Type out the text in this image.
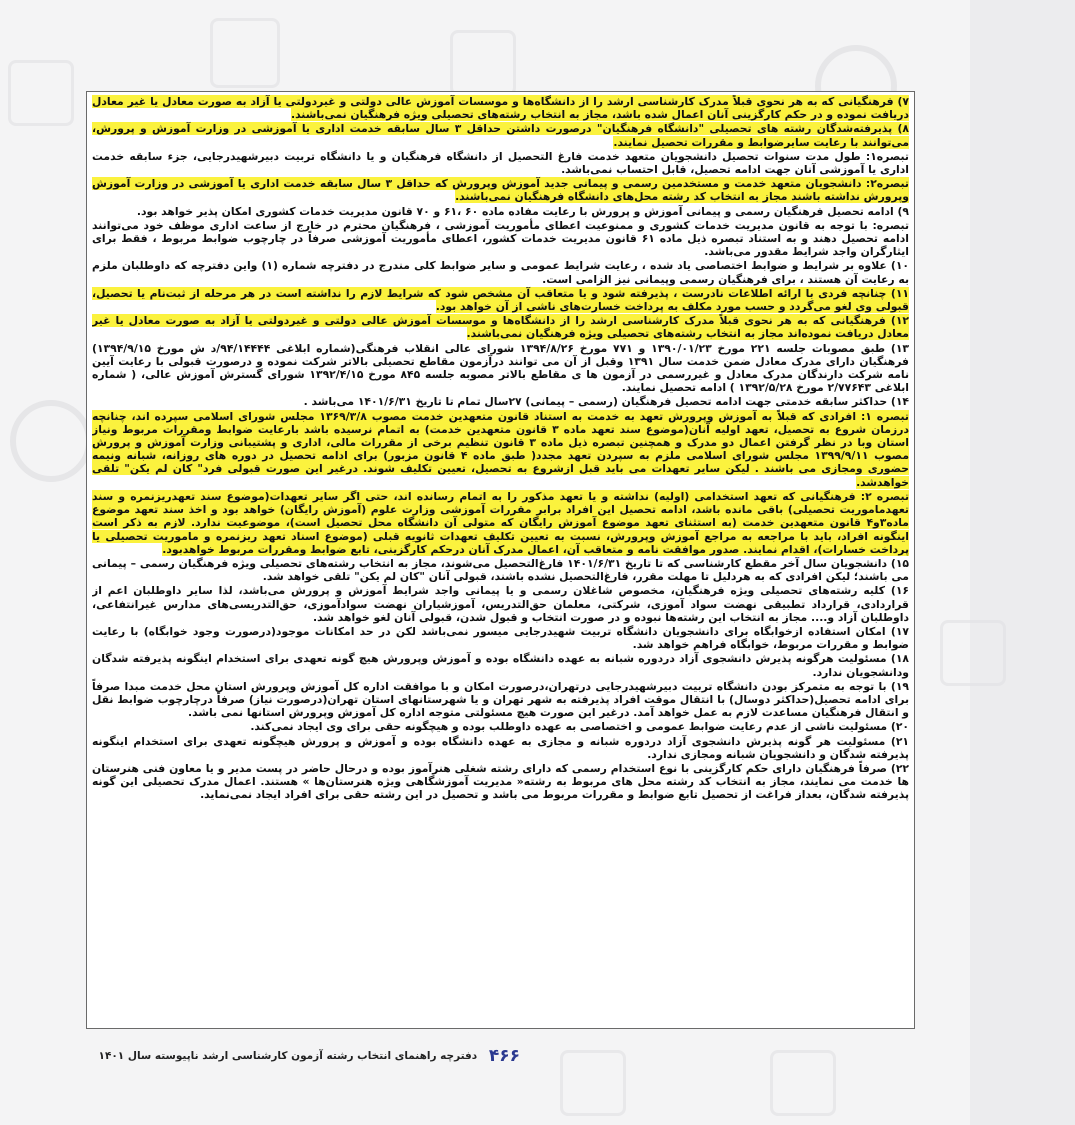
۷) فرهنگیانی که به هر نحوی قبلاً مدرک کارشناسی ارشد را از دانشگاه‌ها و موسسات آموزش عالی دولتی و غیردولتی یا آزاد به صورت معادل یا غیر معادل دریافت نموده و در حکم کارگزینی آنان اعمال شده باشد، مجاز به انتخاب رشته‌های تحصیلی ویژه فرهنگیان نمی‌باشند.
۸) پذیرفته‌شدگان رشته های تحصیلی "دانشگاه فرهنگیان" درصورت داشتن حداقل ۳ سال سابقه خدمت اداری یا آموزشی در وزارت آموزش و پرورش، می‌توانند با رعایت سایرضوابط و مقررات تحصیل نمایند.
تبصره۱: طول مدت سنوات تحصیل دانشجویان متعهد خدمت فارغ التحصیل از دانشگاه فرهنگیان و یا دانشگاه تربیت دبیرشهیدرجایی، جزء سابقه خدمت اداری یا آموزشی آنان جهت ادامه تحصیل، قابل احتساب نمی‌باشد.
تبصره۲: دانشجویان متعهد خدمت و مستخدمین رسمی و پیمانی جدید آموزش وپرورش که حداقل ۳ سال سابقه خدمت اداری یا آموزشی در وزارت آموزش وپرورش نداشته باشند مجاز به انتخاب کد رشته محل‌های دانشگاه فرهنگیان نمی‌باشند.
۹) ادامه تحصیل فرهنگیان رسمی و پیمانی آموزش و پرورش با رعایت مفاده ماده ۶۰ ،۶۱ و ۷۰ قانون مدیریت خدمات کشوری امکان پذیر خواهد بود.
تبصره: با توجه به قانون مدیریت خدمات کشوری و ممنوعیت اعطای مأموریت آموزشی ، فرهنگیان محترم در خارج از ساعت اداری موظف خود می‌توانند ادامه تحصیل دهند و به استناد تبصره ذیل ماده ۶۱ قانون مدیریت خدمات کشور، اعطای مأموریت آموزشی صرفاً در چارچوب ضوابط مربوط ، فقط برای ایثارگران واجد شرایط مقدور می‌باشد.
۱۰) علاوه بر شرایط و ضوابط اختصاصی یاد شده ، رعایت شرایط عمومی و سایر ضوابط کلی مندرج در دفترچه شماره (۱) واین دفترچه که داوطلبان ملزم به رعایت آن هستند ، برای فرهنگیان رسمی وپیمانی نیز الزامی است.
۱۱) چنانچه فردی با ارائه اطلاعات نادرست ، پذیرفته شود و یا متعاقب آن مشخص شود که شرایط لازم را نداشته است در هر مرحله از ثبت‌نام یا تحصیل، قبولی وی لغو می‌گردد و حسب مورد مکلف به پرداخت خسارت‌های ناشی از آن خواهد بود.
۱۲) فرهنگیانی که به هر نحوی قبلاً مدرک کارشناسی ارشد را از دانشگاه‌ها و موسسات آموزش عالی دولتی و غیردولتی یا آزاد به صورت معادل یا غیر معادل دریافت نموده‌اند مجاز به انتخاب رشته‌های تحصیلی ویژه فرهنگیان نمی‌باشند.
۱۳) طبق مصوبات جلسه ۲۲۱ مورخ ۱۳۹۰/۰۱/۲۳ و ۷۷۱ مورخ ۱۳۹۴/۸/۲۶ شورای عالی انقلاب فرهنگی(شماره ابلاغی ۹۴/۱۴۴۴۴/د ش مورخ ۱۳۹۴/۹/۱۵) فرهنگیان دارای مدرک معادل ضمن خدمت سال ۱۳۹۱ وقبل از آن می توانند درآزمون مقاطع تحصیلی بالاتر شرکت نموده و درصورت قبولی با رعایت آیین نامه شرکت دارندگان مدرک معادل و غیررسمی در آزمون ها ی مقاطع بالاتر مصوبه جلسه ۸۴۵ مورخ ۱۳۹۲/۴/۱۵ شورای گسترش آموزش عالی، ( شماره ابلاغی ۲/۷۷۶۴۳ مورخ ۱۳۹۲/۵/۲۸ ) ادامه تحصیل نمایند.
۱۴) حداکثر سابقه خدمتی جهت ادامه تحصیل فرهنگیان (رسمی – پیمانی) ۲۷سال تمام تا تاریخ ۱۴۰۱/۶/۳۱ می‌باشد .
تبصره ۱: افرادی که قبلاً به آموزش وپرورش تعهد به خدمت به استناد قانون متعهدین خدمت مصوب ۱۳۶۹/۳/۸ مجلس شورای اسلامی سپرده اند، چنانچه درزمان شروع به تحصیل، تعهد اولیه آنان(موضوع سند تعهد ماده ۳ قانون متعهدین خدمت) به اتمام نرسیده باشد بارعایت ضوابط ومقررات مربوط ونیاز استان وبا در نظر گرفتن اعمال دو مدرک و همچنین تبصره ذیل ماده ۳ قانون تنظیم برخی از مقررات مالی، اداری و پشتیبانی وزارت آموزش و پرورش مصوب ۱۳۹۹/۹/۱۱ مجلس شورای اسلامی ملزم به سپردن تعهد مجدد( طبق ماده ۴ قانون مزبور) برای ادامه تحصیل در دوره های روزانه، شبانه ونیمه حضوری ومجازی می باشند . لیکن سایر تعهدات می باید قبل ازشروع به تحصیل، تعیین تکلیف شوند. درغیر این صورت قبولی فرد" کان لم یکن" تلقی خواهدشد.
تبصره ۲: فرهنگیانی که تعهد استخدامی (اولیه) نداشته و یا تعهد مذکور را به اتمام رسانده اند، حتی اگر سایر تعهدات(موضوع سند تعهدریزنمره و سند تعهدماموریت تحصیلی) باقی مانده باشد، ادامه تحصیل این افراد برابر مقررات آموزشی وزارت علوم (آموزش رایگان) خواهد بود و اخذ سند تعهد موضوع ماده۳و۴ قانون متعهدین خدمت (به استثنای تعهد موضوع آموزش رایگان که متولی آن دانشگاه محل تحصیل است)، موضوعیت ندارد. لازم به ذکر است اینگونه افراد، باید با مراجعه به مراجع آموزش وپرورش، نسبت به تعیین تکلیف تعهدات ثانویه قبلی (موضوع اسناد تعهد ریزنمره و ماموریت تحصیلی یا پرداخت خسارات)، اقدام نمایند. صدور موافقت نامه و متعاقب آن، اعمال مدرک آنان درحکم کارگزینی، تابع ضوابط ومقررات مربوط خواهدبود.
۱۵) دانشجویان سال آخر مقطع کارشناسی که تا تاریخ ۱۴۰۱/۶/۳۱ فارغ‌التحصیل می‌شوند، مجاز به انتخاب رشته‌های تحصیلی ویژه فرهنگیان رسمی – پیمانی می باشند؛ لیکن افرادی که به هردلیل تا مهلت مقرر، فارغ‌التحصیل نشده باشند، قبولی آنان "کان لم یکن" تلقی خواهد شد.
۱۶) کلیه رشته‌های تحصیلی ویژه فرهنگیان، مخصوص شاغلان رسمی و یا پیمانی واجد شرایط آموزش و پرورش می‌باشد، لذا سایر داوطلبان اعم از قراردادی، قرارداد تطبیقی نهضت سواد آموزی، شرکتی، معلمان حق‌التدریس، آموزشیاران نهضت سوادآموزی، حق‌التدریسی‌های مدارس غیرانتفاعی، داوطلبان آزاد و.... مجاز به انتخاب این رشته‌ها نبوده و در صورت انتخاب و قبول شدن، قبولی آنان لغو خواهد شد.
۱۷) امکان استفاده ازخوابگاه برای دانشجویان دانشگاه تربیت شهیدرجایی میسور نمی‌باشد لکن در حد امکانات موجود(درصورت وجود خوابگاه) با رعایت ضوابط و مقررات مربوط، خوابگاه فراهم خواهد شد.
۱۸) مسئولیت هرگونه پذیرش دانشجوی آزاد دردوره شبانه به عهده دانشگاه بوده و آموزش وپرورش هیچ گونه تعهدی برای استخدام اینگونه پذیرفته شدگان ودانشجویان ندارد.
۱۹) با توجه به متمرکز بودن دانشگاه تربیت دبیرشهیدرجایی درتهران،درصورت امکان و با موافقت اداره کل آموزش وپرورش استان محل خدمت مبدا صرفاً برای ادامه تحصیل(حداکثر دوسال) با انتقال موقت افراد پذیرفته به شهر تهران و یا شهرستانهای استان تهران(درصورت نیاز) صرفاً درچارچوب ضوابط نقل و انتقال فرهنگیان مساعدت لازم به عمل خواهد آمد. درغیر این صورت هیچ مسئولتی متوجه اداره کل آموزش وپرورش استانها نمی باشد.
۲۰) مسئولیت ناشی از عدم رعایت ضوابط عمومی و اختصاصی به عهده داوطلب بوده و هیچگونه حقی برای وی ایجاد نمی‌کند.
۲۱) مسئولیت هر گونه پذیرش دانشجوی آزاد دردوره شبانه و مجازی به عهده دانشگاه بوده و آموزش و پرورش هیچگونه تعهدی برای استخدام اینگونه پذیرفته شدگان و دانشجویان شبانه ومجازی ندارد.
۲۲) صرفاً فرهنگیان دارای حکم کارگزینی با نوع استخدام رسمی که دارای رشته شغلی هنرآموز بوده و درحال حاضر در پست مدیر و یا معاون فنی هنرستان ها خدمت می نمایند، مجاز به انتخاب کد رشته محل های مربوط به رشته« مدیریت آموزشگاهی ویژه هنرستان‌ها » هستند. اعمال مدرک تحصیلی این گونه پذیرفته شدگان، بعداز فراغت از تحصیل تابع ضوابط و مقررات مربوط می باشد و تحصیل در این رشته حقی برای افراد ایجاد نمی‌نماید.
۴۶۶ دفترچه راهنمای انتخاب رشته آزمون کارشناسی ارشد ناپیوسته سال ۱۴۰۱
